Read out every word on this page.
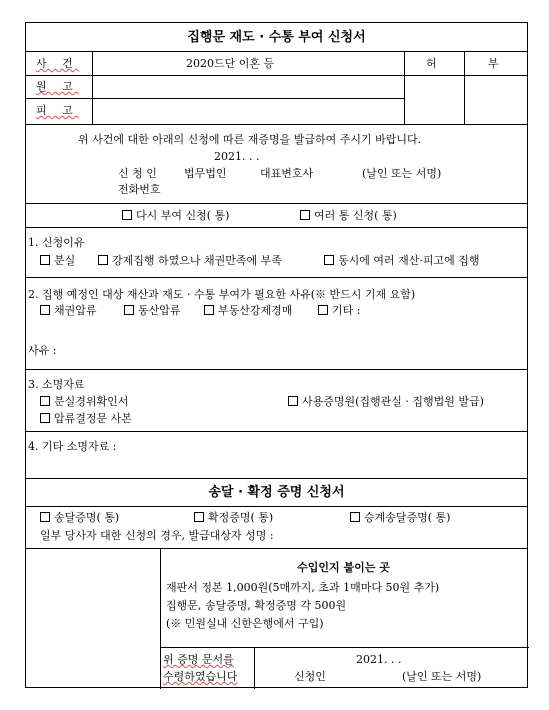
집행문 재도 · 수통 부여 신청서
사 건	2020드단 이혼 등	허	부
원 고
피 고
위 사건에 대한 아래의 신청에 따른 재증명을 발급하여 주시기 바랍니다.
2021. . .
신 청 인 법무법인	대표변호사	(날인 또는 서명)
전화번호
다시 부여 신청( 통)	여러 통 신청( 통)
1. 신청이유
분실	강제집행 하였으나 채권만족에 부족	동시에 여러 재산·피고에 집행
2. 집행 예정인 대상 재산과 재도 · 수통 부여가 필요한 사유(※ 반드시 기재 요함)
채권압류	동산압류	부동산강제경매	기타 :
사유 :
3. 소명자료
분실경위확인서	사용증명원(집행관실 · 집행법원 발급)
압류결정문 사본
4. 기타 소명자료 :
송달 · 확정 증명 신청서
송달증명( 통)	확정증명( 통)	승계송달증명( 통)
일부 당사자 대한 신청의 경우, 발급대상자 성명 :
수입인지 붙이는 곳
재판서 정본 1,000원(5매까지, 초과 1매마다 50원 추가)
집행문, 송달증명, 확정증명 각 500원
(※ 민원실내 신한은행에서 구입)
위 증명 문서를
수령하였습니다
2021. . .
신청인	(날인 또는 서명)
